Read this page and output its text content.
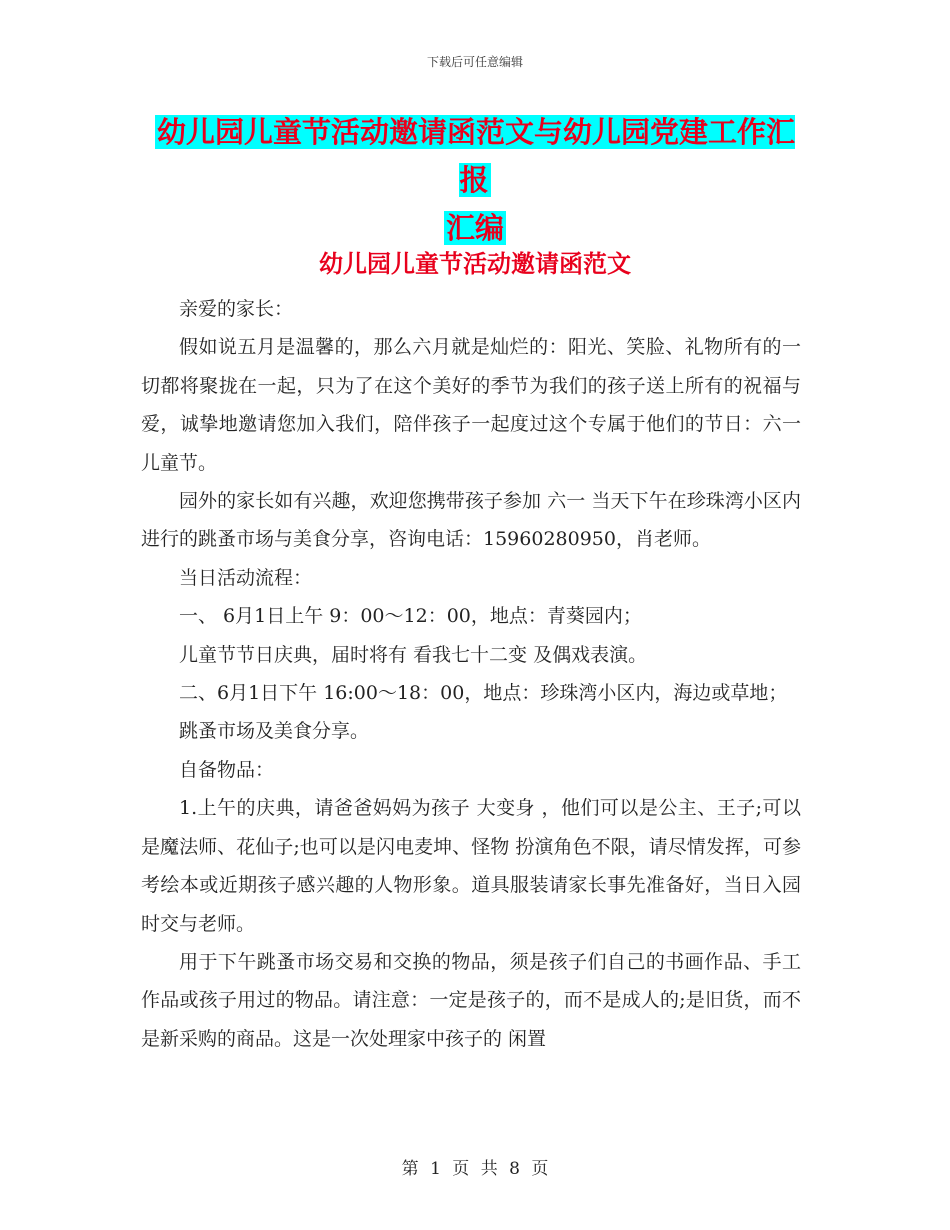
下载后可任意编辑
幼儿园儿童节活动邀请函范文与幼儿园党建工作汇报
汇编
幼儿园儿童节活动邀请函范文

亲爱的家长：

假如说五月是温馨的，那么六月就是灿烂的：阳光、笑脸、礼物所有的一切都将聚拢在一起，只为了在这个美好的季节为我们的孩子送上所有的祝福与爱，诚挚地邀请您加入我们，陪伴孩子一起度过这个专属于他们的节日：六一 儿童节。

园外的家长如有兴趣，欢迎您携带孩子参加 六一 当天下午在珍珠湾小区内进行的跳蚤市场与美食分享，咨询电话：15960280950，肖老师。

当日活动流程：

一、 6月1日上午 9：00～12：00，地点：青葵园内；

儿童节节日庆典，届时将有 看我七十二变 及偶戏表演。

二、6月1日下午 16:00～18：00，地点：珍珠湾小区内，海边或草地；

跳蚤市场及美食分享。

自备物品：

1.上午的庆典，请爸爸妈妈为孩子 大变身 ，他们可以是公主、王子;可以是魔法师、花仙子;也可以是闪电麦坤、怪物 扮演角色不限，请尽情发挥，可参考绘本或近期孩子感兴趣的人物形象。道具服装请家长事先准备好，当日入园时交与老师。

用于下午跳蚤市场交易和交换的物品，须是孩子们自己的书画作品、手工作品或孩子用过的物品。请注意：一定是孩子的，而不是成人的;是旧货，而不是新采购的商品。这是一次处理家中孩子的 闲置

第 1 页 共 8 页
